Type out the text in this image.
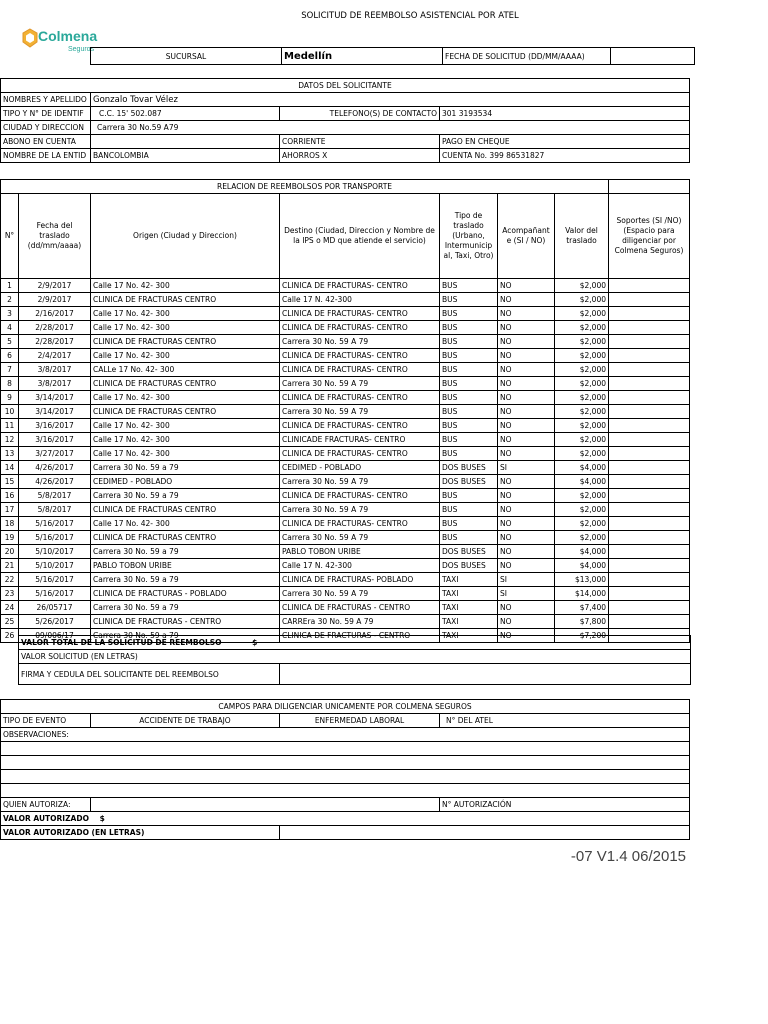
SOLICITUD DE REEMBOLSO ASISTENCIAL POR ATEL
Colmena
Seguros
SUCURSAL	Medellín	FECHA DE SOLICITUD (DD/MM/AAAA)	
DATOS DEL SOLICITANTE			
NOMBRES Y APELLIDO	Gonzalo Tovar Vélez		
TIPO Y N° DE IDENTIF	C.C. 15' 502.087	TELEFONO(S) DE CONTACTO	301 3193534
CIUDAD Y DIRECCION	Carrera 30 No.59 A79		
ABONO EN CUENTA		CORRIENTE	PAGO EN CHEQUE
NOMBRE DE LA ENTID	BANCOLOMBIA	AHORROS X	CUENTA No. 399 86531827
RELACION DE REEMBOLSOS POR TRANSPORTE							
N°	Fecha del traslado (dd/mm/aaaa)	Origen (Ciudad y Direccion)	Destino (Ciudad, Direccion y Nombre de la IPS o MD que atiende el servicio)	Tipo de traslado (Urbano, Intermunicip al, Taxi, Otro)	Acompañant e (SI / NO)	Valor del traslado	Soportes (SI /NO) (Espacio para diligenciar por Colmena Seguros)
1	2/9/2017	Calle 17 No. 42- 300	CLINICA DE FRACTURAS- CENTRO	BUS	NO	$2,000	
2	2/9/2017	CLINICA DE FRACTURAS CENTRO	Calle 17 N. 42-300	BUS	NO	$2,000	
3	2/16/2017	Calle 17 No. 42- 300	CLINICA DE FRACTURAS- CENTRO	BUS	NO	$2,000	
4	2/28/2017	Calle 17 No. 42- 300	CLINICA DE FRACTURAS- CENTRO	BUS	NO	$2,000	
5	2/28/2017	CLINICA DE FRACTURAS CENTRO	Carrera 30 No. 59 A 79	BUS	NO	$2,000	
6	2/4/2017	Calle 17 No. 42- 300	CLINICA DE FRACTURAS- CENTRO	BUS	NO	$2,000	
7	3/8/2017	CALLe 17 No. 42- 300	CLINICA DE FRACTURAS- CENTRO	BUS	NO	$2,000	
8	3/8/2017	CLINICA DE FRACTURAS CENTRO	Carrera 30 No. 59 A 79	BUS	NO	$2,000	
9	3/14/2017	Calle 17 No. 42- 300	CLINICA DE FRACTURAS- CENTRO	BUS	NO	$2,000	
10	3/14/2017	CLINICA DE FRACTURAS CENTRO	Carrera 30 No. 59 A 79	BUS	NO	$2,000	
11	3/16/2017	Calle 17 No. 42- 300	CLINICA DE FRACTURAS- CENTRO	BUS	NO	$2,000	
12	3/16/2017	Calle 17 No. 42- 300	CLINICADE FRACTURAS- CENTRO	BUS	NO	$2,000	
13	3/27/2017	Calle 17 No. 42- 300	CLINICA DE FRACTURAS- CENTRO	BUS	NO	$2,000	
14	4/26/2017	Carrera 30 No. 59 a 79	CEDIMED - POBLADO	DOS BUSES	SI	$4,000	
15	4/26/2017	CEDIMED - POBLADO	Carrera 30 No. 59 A 79	DOS BUSES	NO	$4,000	
16	5/8/2017	Carrera 30 No. 59 a 79	CLINICA DE FRACTURAS- CENTRO	BUS	NO	$2,000	
17	5/8/2017	CLINICA DE FRACTURAS CENTRO	Carrera 30 No. 59 A 79	BUS	NO	$2,000	
18	5/16/2017	Calle 17 No. 42- 300	CLINICA DE FRACTURAS- CENTRO	BUS	NO	$2,000	
19	5/16/2017	CLINICA DE FRACTURAS CENTRO	Carrera 30 No. 59 A 79	BUS	NO	$2,000	
20	5/10/2017	Carrera 30 No. 59 a 79	PABLO TOBON URIBE	DOS BUSES	NO	$4,000	
21	5/10/2017	PABLO TOBON URIBE	Calle 17 N. 42-300	DOS BUSES	NO	$4,000	
22	5/16/2017	Carrera 30 No. 59 a 79	CLINICA DE FRACTURAS- POBLADO	TAXI	SI	$13,000	
23	5/16/2017	CLINICA DE FRACTURAS - POBLADO	Carrera 30 No. 59 A 79	TAXI	SI	$14,000	
24	26/05717	Carrera 30 No. 59 a 79	CLINICA DE FRACTURAS - CENTRO	TAXI	NO	$7,400	
25	5/26/2017	CLINICA DE FRACTURAS - CENTRO	CARREra 30 No. 59 A 79	TAXI	NO	$7,800	
26	09/006/17	Carrera 30 No. 59 a 79	CLINICA DE FRACTURAS - CENTRO	TAXI	NO	$7,200	
VALOR TOTAL DE LA SOLICITUD DE REEMBOLSO $	
VALOR SOLICITUD (EN LETRAS)	
FIRMA Y CEDULA DEL SOLICITANTE DEL REEMBOLSO	
CAMPOS PARA DILIGENCIAR UNICAMENTE POR COLMENA SEGUROS			
TIPO DE EVENTO	ACCIDENTE DE TRABAJO	ENFERMEDAD LABORAL	N° DEL ATEL
OBSERVACIONES:			

QUIEN AUTORIZA:			N° AUTORIZACIÓN
VALOR AUTORIZADO $			
VALOR AUTORIZADO (EN LETRAS)			
-07 V1.4 06/2015
